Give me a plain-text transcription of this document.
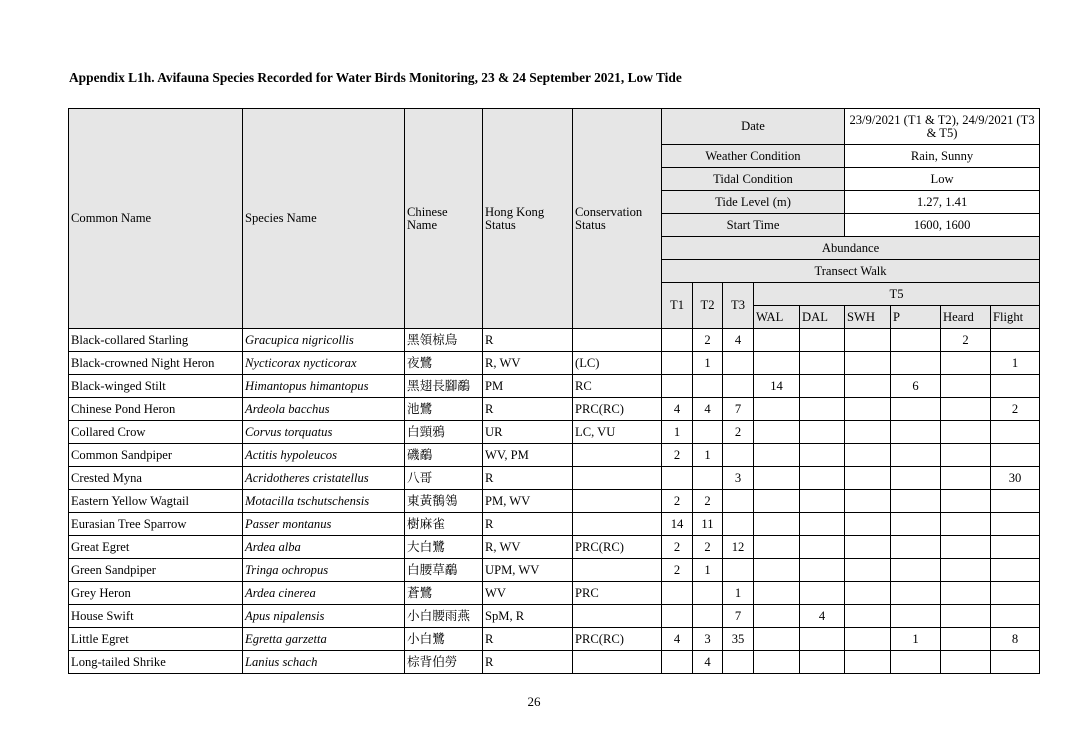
Appendix L1h. Avifauna Species Recorded for Water Birds Monitoring, 23 & 24 September 2021, Low Tide
Common Name	Species Name	Chinese Name	Hong Kong Status	Conservation Status	Date					23/9/2021 (T1 & T2), 24/9/2021 (T3 & T5)			
					Weather Condition					Rain, Sunny			
					Tidal Condition					Low			
					Tide Level (m)					1.27, 1.41			
					Start Time					1600, 1600			
					Abundance								
					Transect Walk								
					T1	T2	T3	T5					
								WAL	DAL	SWH	P	Heard	Flight
Black-collared Starling	Gracupica nigricollis	黑領椋鳥	R			2	4					2	
Black-crowned Night Heron	Nycticorax nycticorax	夜鷺	R, WV	(LC)		1							1
Black-winged Stilt	Himantopus himantopus	黑翅長腳鷸	PM	RC				14			6		
Chinese Pond Heron	Ardeola bacchus	池鷺	R	PRC(RC)	4	4	7						2
Collared Crow	Corvus torquatus	白頸鴉	UR	LC, VU	1		2						
Common Sandpiper	Actitis hypoleucos	磯鷸	WV, PM		2	1							
Crested Myna	Acridotheres cristatellus	八哥	R				3						30
Eastern Yellow Wagtail	Motacilla tschutschensis	東黃鶺鴒	PM, WV		2	2							
Eurasian Tree Sparrow	Passer montanus	樹麻雀	R		14	11							
Great Egret	Ardea alba	大白鷺	R, WV	PRC(RC)	2	2	12						
Green Sandpiper	Tringa ochropus	白腰草鷸	UPM, WV		2	1							
Grey Heron	Ardea cinerea	蒼鷺	WV	PRC			1						
House Swift	Apus nipalensis	小白腰雨燕	SpM, R				7		4				
Little Egret	Egretta garzetta	小白鷺	R	PRC(RC)	4	3	35				1		8
Long-tailed Shrike	Lanius schach	棕背伯勞	R			4							
26
